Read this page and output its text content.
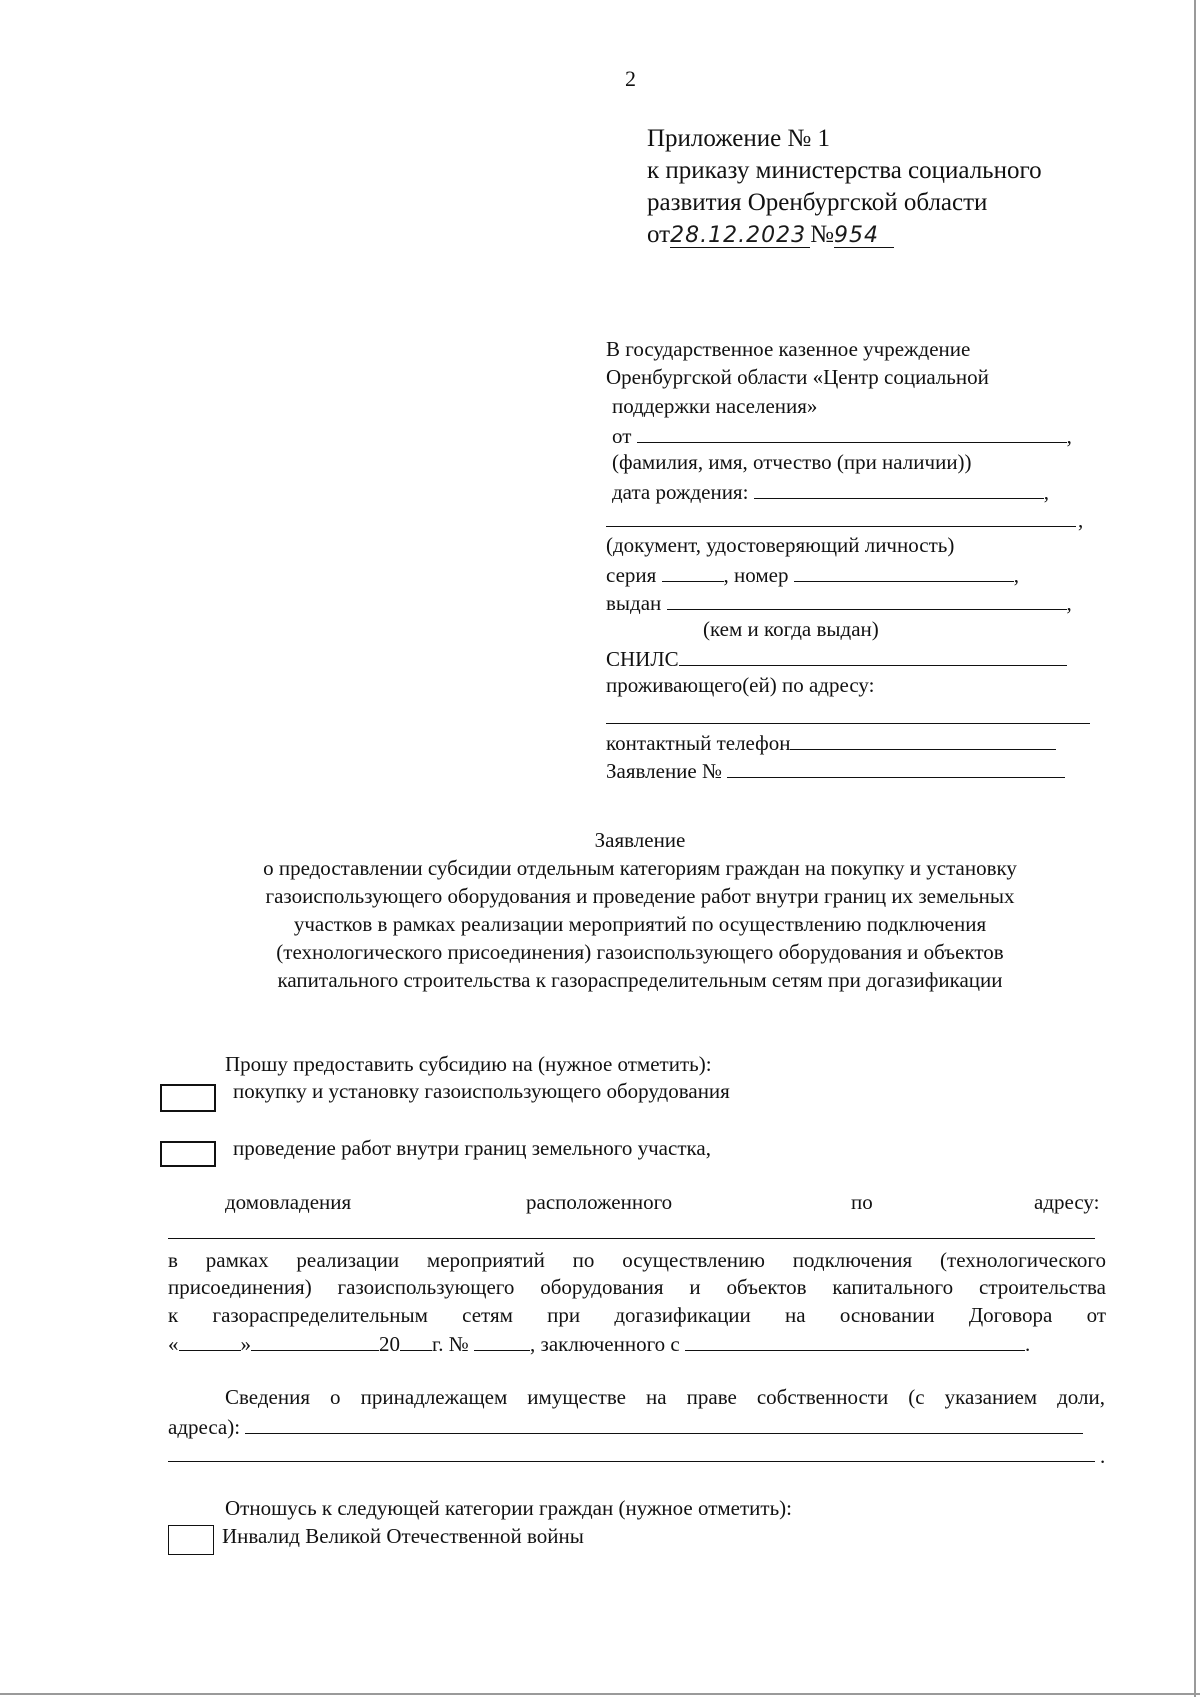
2
Приложение № 1
к приказу министерства социального
развития Оренбургской области
от28.12.2023 №954
В государственное казенное учреждение
Оренбургской области «Центр социальной
поддержки населения»
от	,
(фамилия, имя, отчество (при наличии))
дата рождения:	,
,
(документ, удостоверяющий личность)
серия	, номер	,
выдан	,
(кем и когда выдан)
СНИЛС
проживающего(ей) по адресу:
контактный телефон
Заявление №
Заявление
о предоставлении субсидии отдельным категориям граждан на покупку и установку
газоиспользующего оборудования и проведение работ внутри границ их земельных
участков в рамках реализации мероприятий по осуществлению подключения
(технологического присоединения) газоиспользующего оборудования и объектов
капитального строительства к газораспределительным сетям при догазификации
Прошу предоставить субсидию на (нужное отметить):
покупку и установку газоиспользующего оборудования
проведение работ внутри границ земельного участка,
домовладения	расположенного	по	адресу:
в рамках реализации мероприятий по осуществлению подключения (технологического
присоединения) газоиспользующего оборудования и объектов капитального строительства
к газораспределительным сетям при догазификации на основании Договора от
«	»	20 г. №	, заключенного с	.
Сведения о принадлежащем имуществе на праве собственности (с указанием доли,
адреса):
.
Отношусь к следующей категории граждан (нужное отметить):
Инвалид Великой Отечественной войны
